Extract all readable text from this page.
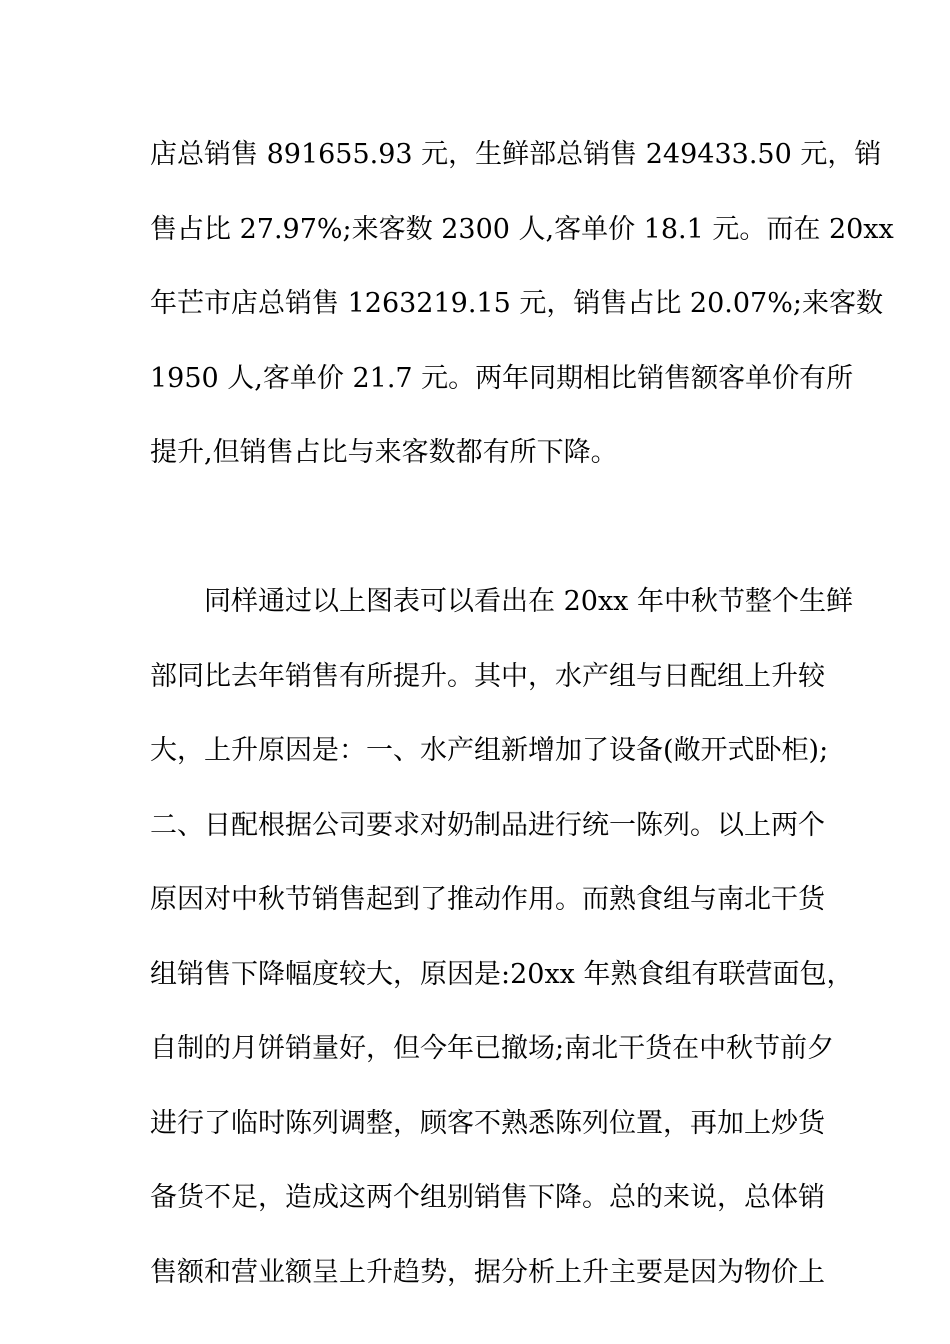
店总销售 891655.93 元，生鲜部总销售 249433.50 元，销
售占比 27.97%;来客数 2300 人,客单价 18.1 元。而在 20xx
年芒市店总销售 1263219.15 元，销售占比 20.07%;来客数
1950 人,客单价 21.7 元。两年同期相比销售额客单价有所
提升,但销售占比与来客数都有所下降。
同样通过以上图表可以看出在 20xx 年中秋节整个生鲜
部同比去年销售有所提升。其中，水产组与日配组上升较
大，上升原因是：一、水产组新增加了设备(敞开式卧柜);
二、日配根据公司要求对奶制品进行统一陈列。以上两个
原因对中秋节销售起到了推动作用。而熟食组与南北干货
组销售下降幅度较大，原因是:20xx 年熟食组有联营面包，
自制的月饼销量好，但今年已撤场;南北干货在中秋节前夕
进行了临时陈列调整，顾客不熟悉陈列位置，再加上炒货
备货不足，造成这两个组别销售下降。总的来说，总体销
售额和营业额呈上升趋势，据分析上升主要是因为物价上
